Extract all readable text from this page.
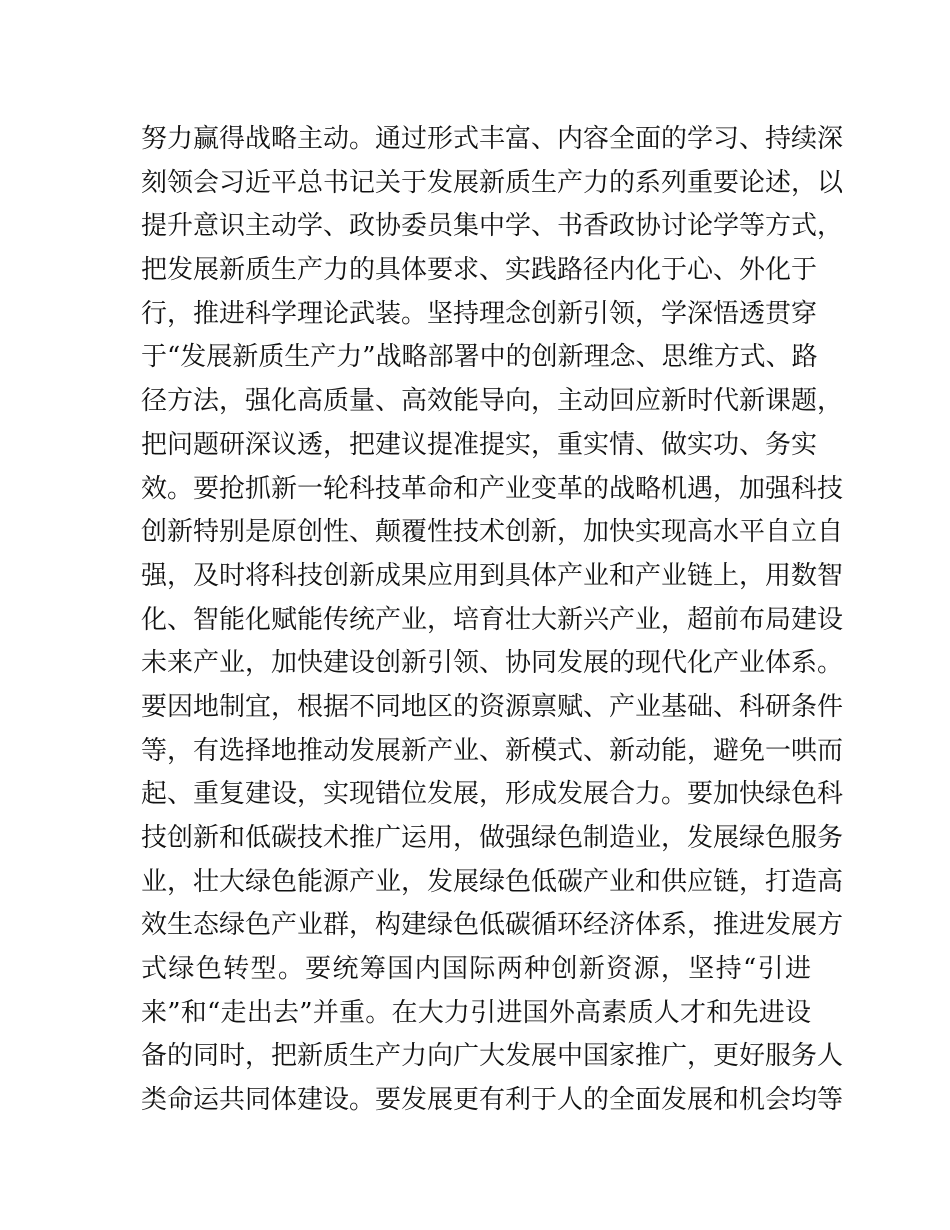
努力赢得战略主动。通过形式丰富、内容全面的学习、持续深
刻领会习近平总书记关于发展新质生产力的系列重要论述，以
提升意识主动学、政协委员集中学、书香政协讨论学等方式，
把发展新质生产力的具体要求、实践路径内化于心、外化于
行，推进科学理论武装。坚持理念创新引领，学深悟透贯穿
于“发展新质生产力”战略部署中的创新理念、思维方式、路
径方法，强化高质量、高效能导向，主动回应新时代新课题，
把问题研深议透，把建议提准提实，重实情、做实功、务实
效。要抢抓新一轮科技革命和产业变革的战略机遇，加强科技
创新特别是原创性、颠覆性技术创新，加快实现高水平自立自
强，及时将科技创新成果应用到具体产业和产业链上，用数智
化、智能化赋能传统产业，培育壮大新兴产业，超前布局建设
未来产业，加快建设创新引领、协同发展的现代化产业体系。
要因地制宜，根据不同地区的资源禀赋、产业基础、科研条件
等，有选择地推动发展新产业、新模式、新动能，避免一哄而
起、重复建设，实现错位发展，形成发展合力。要加快绿色科
技创新和低碳技术推广运用，做强绿色制造业，发展绿色服务
业，壮大绿色能源产业，发展绿色低碳产业和供应链，打造高
效生态绿色产业群，构建绿色低碳循环经济体系，推进发展方
式绿色转型。要统筹国内国际两种创新资源，坚持“引进
来”和“走出去”并重。在大力引进国外高素质人才和先进设
备的同时，把新质生产力向广大发展中国家推广，更好服务人
类命运共同体建设。要发展更有利于人的全面发展和机会均等
